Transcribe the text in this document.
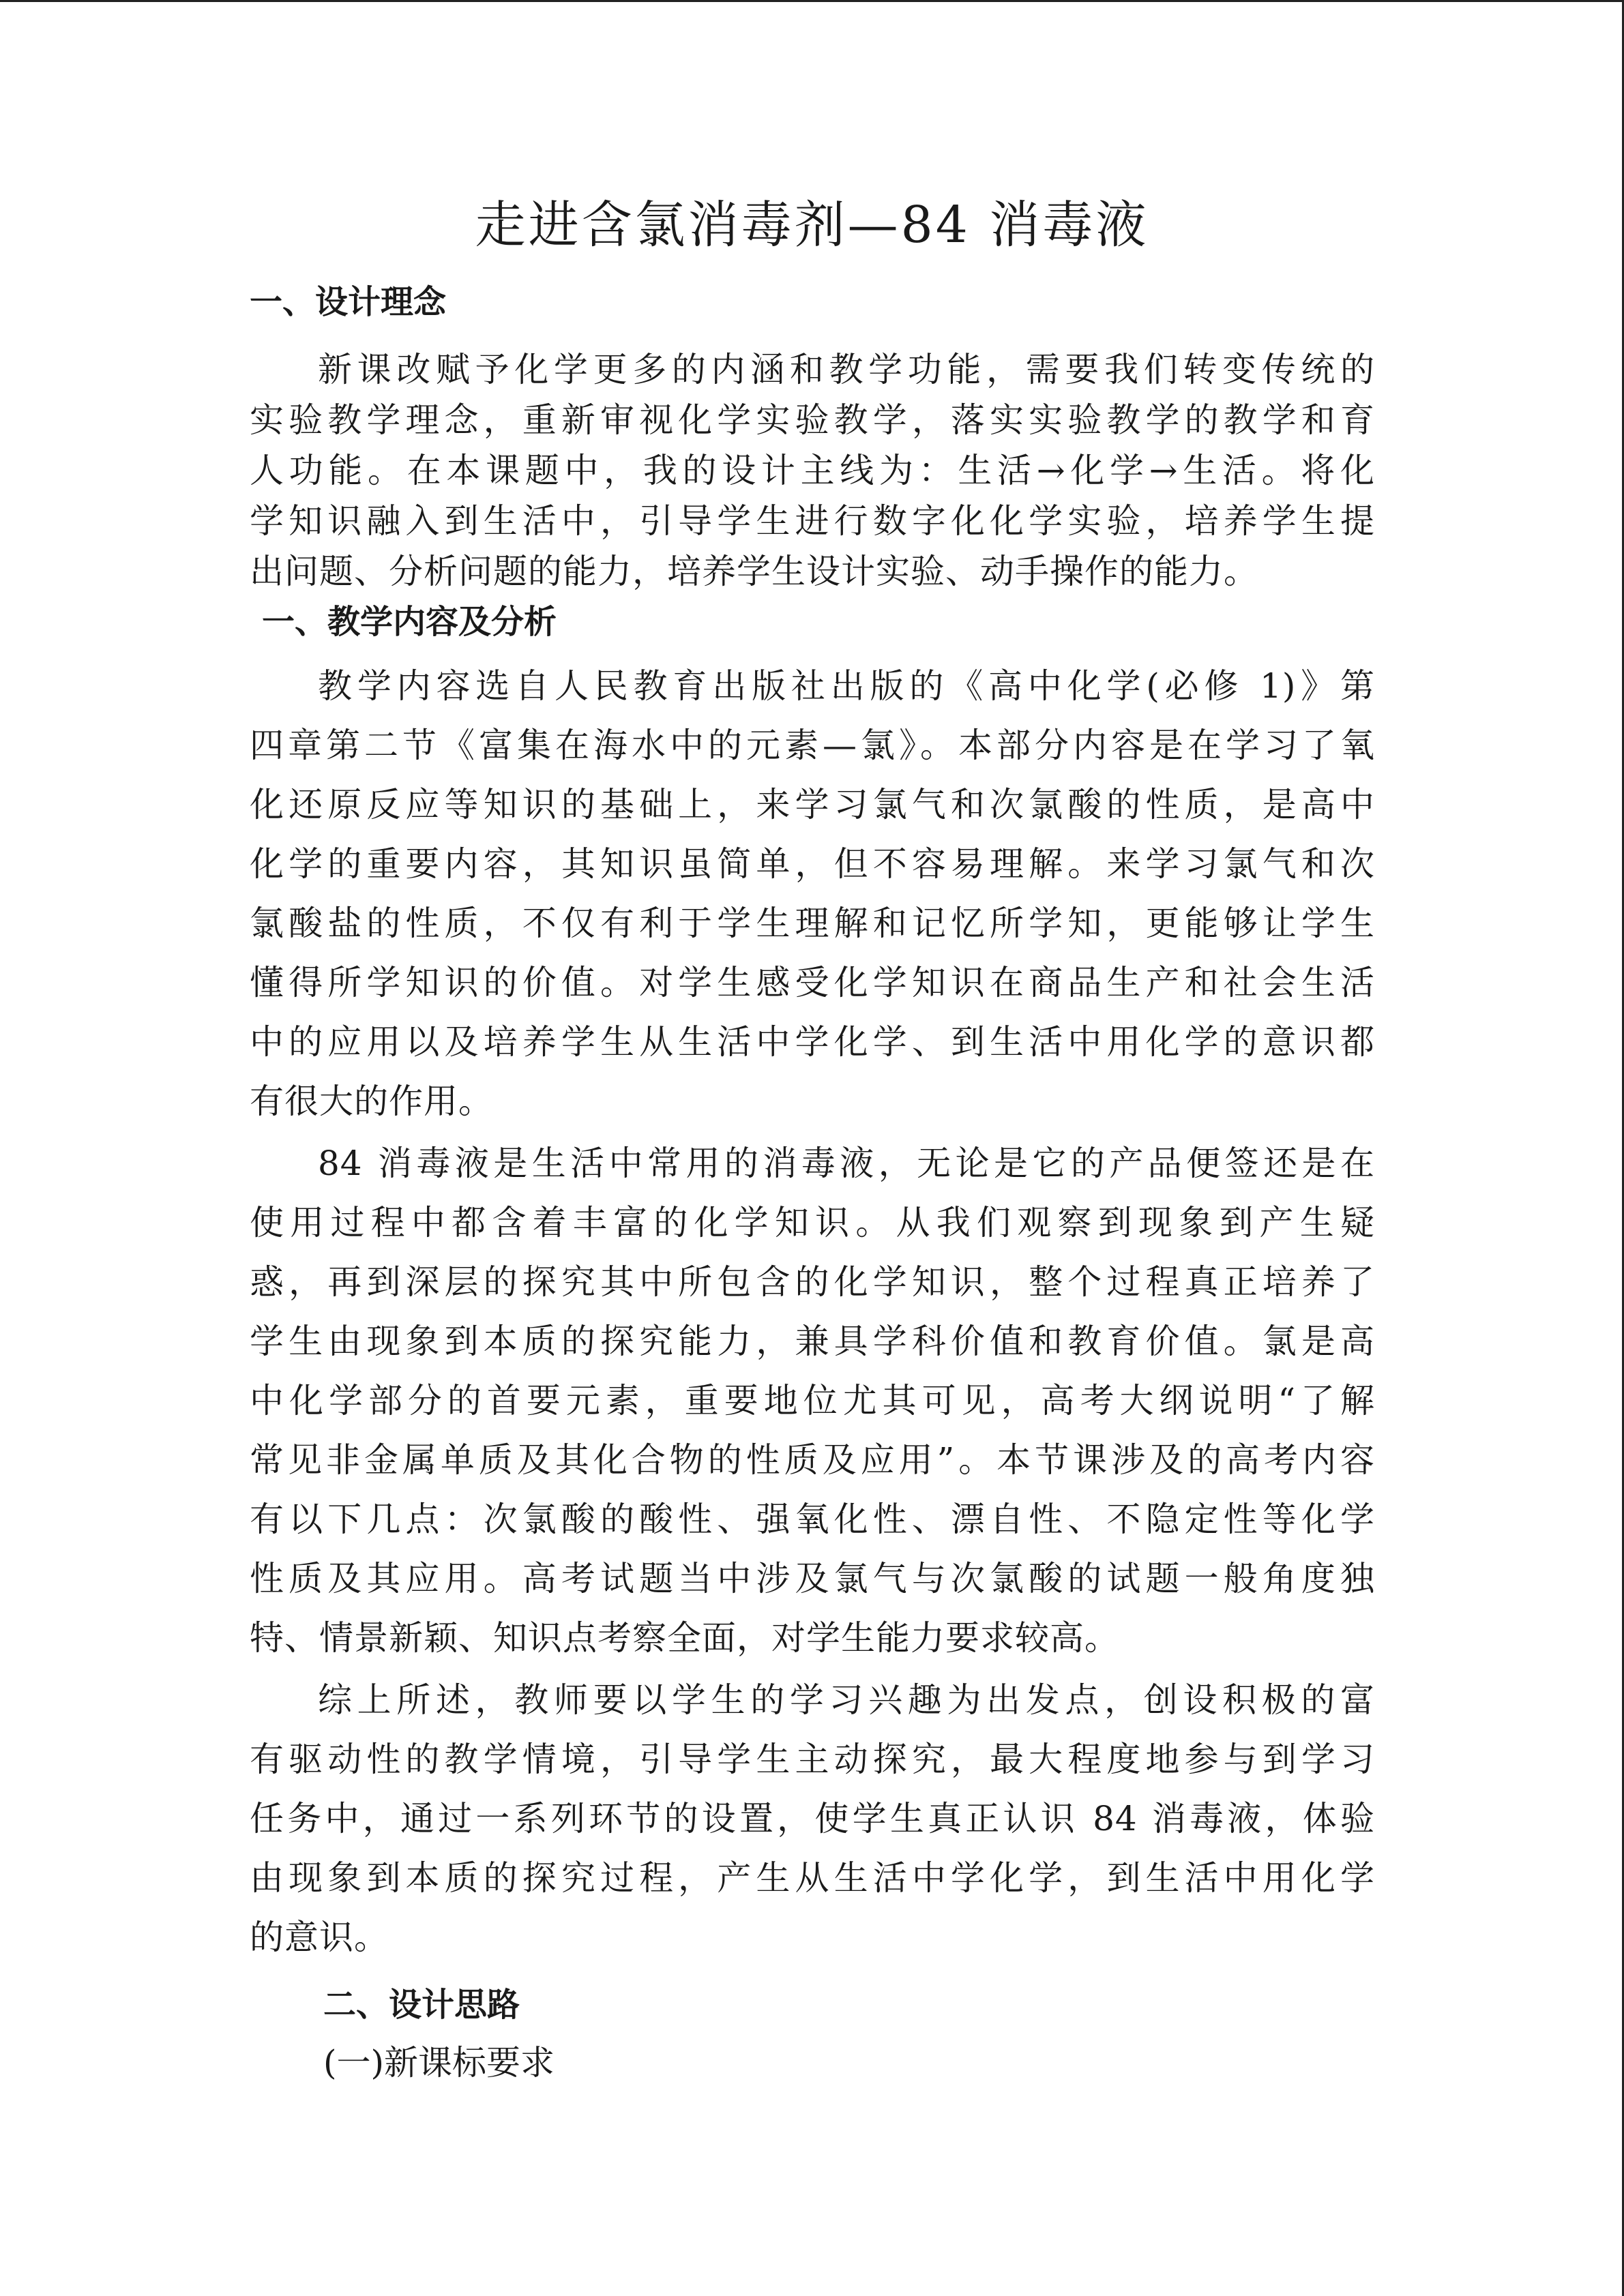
走进含氯消毒剂—84 消毒液
一、设计理念
新课改赋予化学更多的内涵和教学功能，需要我们转变传统的
实验教学理念，重新审视化学实验教学，落实实验教学的教学和育
人功能。在本课题中，我的设计主线为：生活→化学→生活。将化
学知识融入到生活中，引导学生进行数字化化学实验，培养学生提
出问题、分析问题的能力，培养学生设计实验、动手操作的能力。
一、教学内容及分析
教学内容选自人民教育出版社出版的《高中化学(必修 1)》第
四章第二节《富集在海水中的元素—氯》。本部分内容是在学习了氧
化还原反应等知识的基础上，来学习氯气和次氯酸的性质，是高中
化学的重要内容，其知识虽简单，但不容易理解。来学习氯气和次
氯酸盐的性质，不仅有利于学生理解和记忆所学知，更能够让学生
懂得所学知识的价值。对学生感受化学知识在商品生产和社会生活
中的应用以及培养学生从生活中学化学、到生活中用化学的意识都
有很大的作用。
84 消毒液是生活中常用的消毒液，无论是它的产品便签还是在
使用过程中都含着丰富的化学知识。从我们观察到现象到产生疑
惑，再到深层的探究其中所包含的化学知识，整个过程真正培养了
学生由现象到本质的探究能力，兼具学科价值和教育价值。氯是高
中化学部分的首要元素，重要地位尤其可见，高考大纲说明“了解
常见非金属单质及其化合物的性质及应用”。本节课涉及的高考内容
有以下几点：次氯酸的酸性、强氧化性、漂自性、不隐定性等化学
性质及其应用。高考试题当中涉及氯气与次氯酸的试题一般角度独
特、情景新颖、知识点考察全面，对学生能力要求较高。
综上所述，教师要以学生的学习兴趣为出发点，创设积极的富
有驱动性的教学情境，引导学生主动探究，最大程度地参与到学习
任务中，通过一系列环节的设置，使学生真正认识 84 消毒液，体验
由现象到本质的探究过程，产生从生活中学化学，到生活中用化学
的意识。
二、设计思路

(一)新课标要求
